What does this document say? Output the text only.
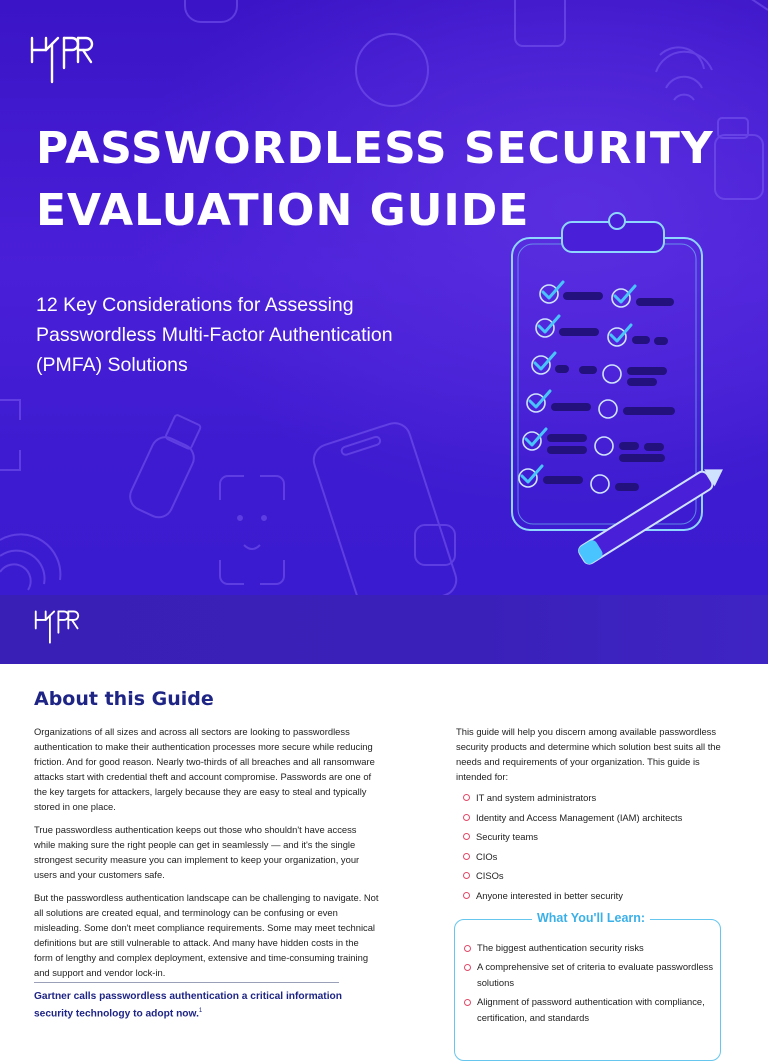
PASSWORDLESS SECURITY
EVALUATION GUIDE
12 Key Considerations for Assessing
Passwordless Multi-Factor Authentication
(PMFA) Solutions
About this Guide

Organizations of all sizes and across all sectors are looking to passwordless authentication to make their authentication processes more secure while reducing friction. And for good reason. Nearly two-thirds of all breaches and all ransomware attacks start with credential theft and account compromise. Passwords are one of the key targets for attackers, largely because they are easy to steal and typically stored in one place.

True passwordless authentication keeps out those who shouldn't have access while making sure the right people can get in seamlessly — and it's the single strongest security measure you can implement to keep your organization, your users and your customers safe.

But the passwordless authentication landscape can be challenging to navigate. Not all solutions are created equal, and terminology can be confusing or even misleading. Some don't meet compliance requirements. Some may meet technical definitions but are still vulnerable to attack. And many have hidden costs in the form of lengthy and complex deployment, extensive and time-consuming training and support and vendor lock-in.

Gartner calls passwordless authentication a critical information security technology to adopt now.$^1$

This guide will help you discern among available passwordless security products and determine which solution best suits all the needs and requirements of your organization. This guide is intended for:

IT and system administrators
Identity and Access Management (IAM) architects
Security teams
CIOs
CISOs
Anyone interested in better security

What You'll Learn:

The biggest authentication security risks
A comprehensive set of criteria to evaluate passwordless solutions
Alignment of password authentication with compliance, certification, and standards
